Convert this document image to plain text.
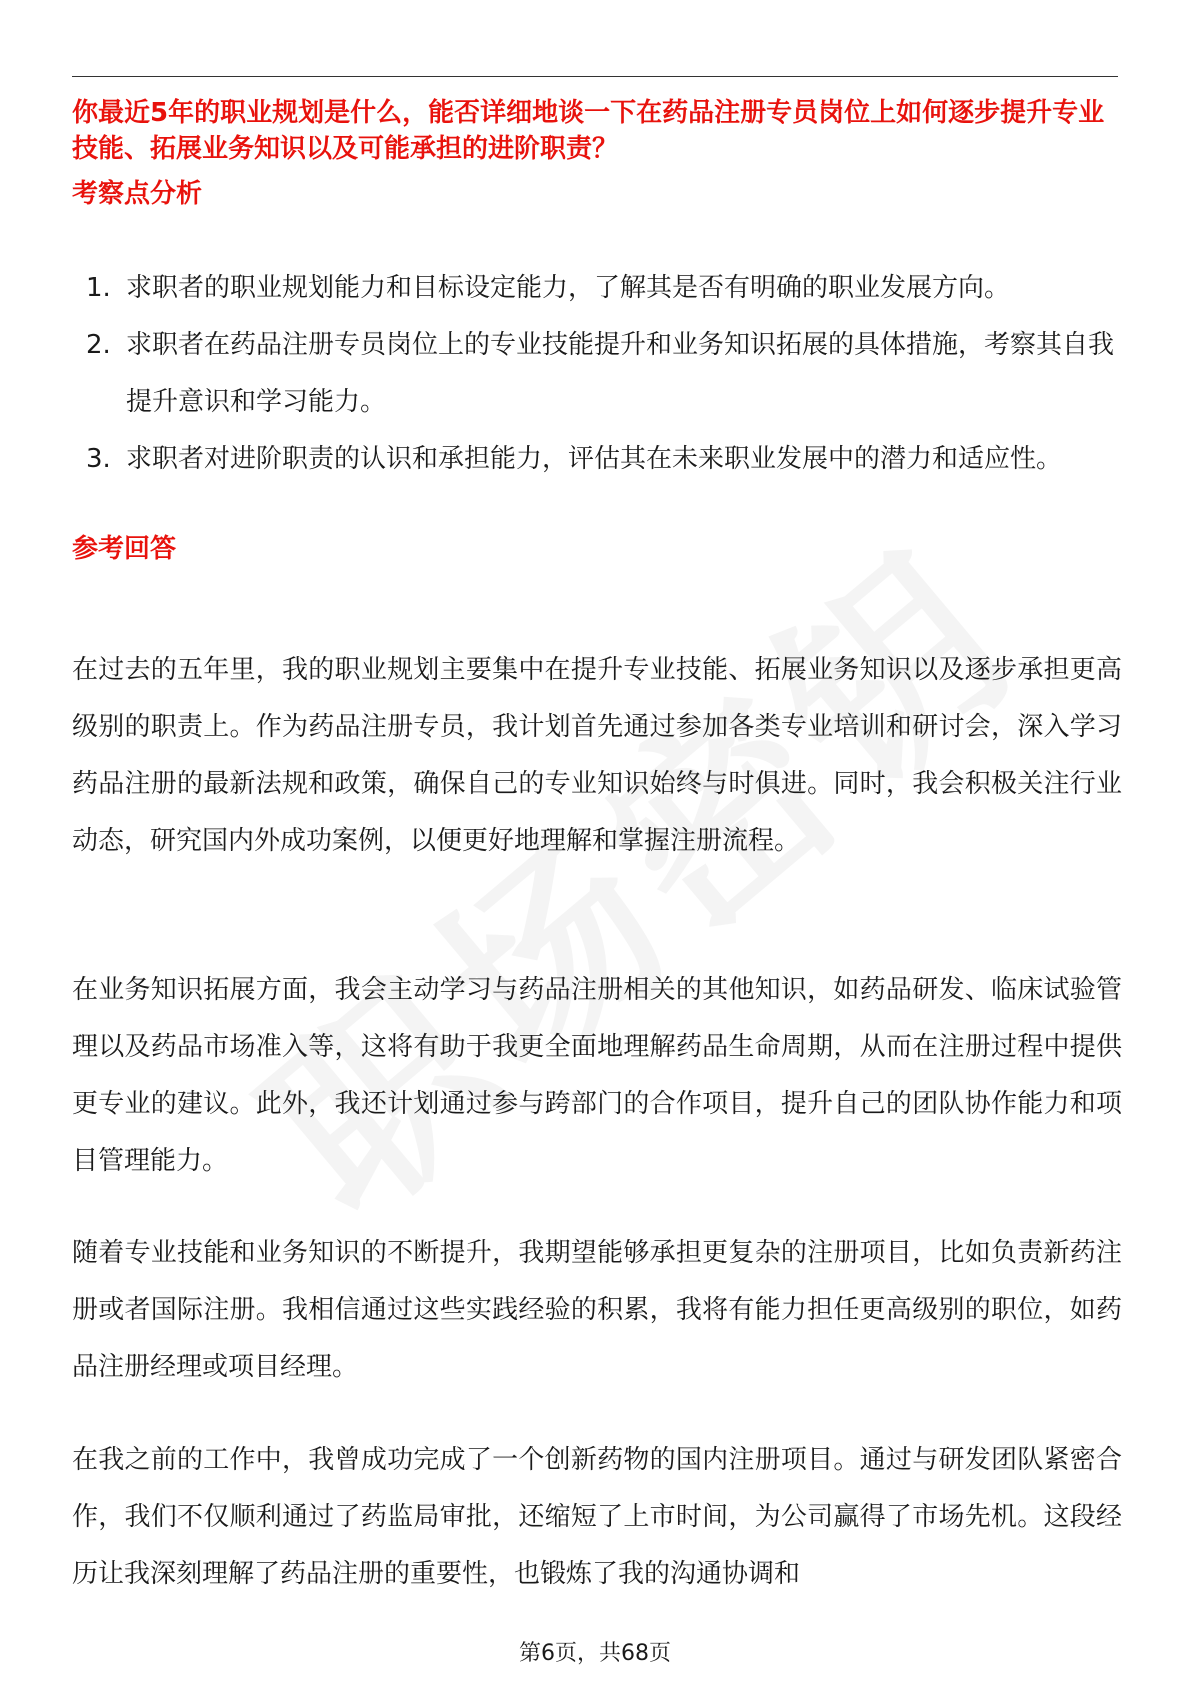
你最近5年的职业规划是什么，能否详细地谈一下在药品注册专员岗位上如何逐步提升专业技能、拓展业务知识以及可能承担的进阶职责？
考察点分析
1. 求职者的职业规划能力和目标设定能力，了解其是否有明确的职业发展方向。
2. 求职者在药品注册专员岗位上的专业技能提升和业务知识拓展的具体措施，考察其自我提升意识和学习能力。
3. 求职者对进阶职责的认识和承担能力，评估其在未来职业发展中的潜力和适应性。
参考回答

在过去的五年里，我的职业规划主要集中在提升专业技能、拓展业务知识以及逐步承担更高级别的职责上。作为药品注册专员，我计划首先通过参加各类专业培训和研讨会，深入学习药品注册的最新法规和政策，确保自己的专业知识始终与时俱进。同时，我会积极关注行业动态，研究国内外成功案例，以便更好地理解和掌握注册流程。

在业务知识拓展方面，我会主动学习与药品注册相关的其他知识，如药品研发、临床试验管理以及药品市场准入等，这将有助于我更全面地理解药品生命周期，从而在注册过程中提供更专业的建议。此外，我还计划通过参与跨部门的合作项目，提升自己的团队协作能力和项目管理能力。

随着专业技能和业务知识的不断提升，我期望能够承担更复杂的注册项目，比如负责新药注册或者国际注册。我相信通过这些实践经验的积累，我将有能力担任更高级别的职位，如药品注册经理或项目经理。

在我之前的工作中，我曾成功完成了一个创新药物的国内注册项目。通过与研发团队紧密合作，我们不仅顺利通过了药监局审批，还缩短了上市时间，为公司赢得了市场先机。这段经历让我深刻理解了药品注册的重要性，也锻炼了我的沟通协调和

第6页，共68页
